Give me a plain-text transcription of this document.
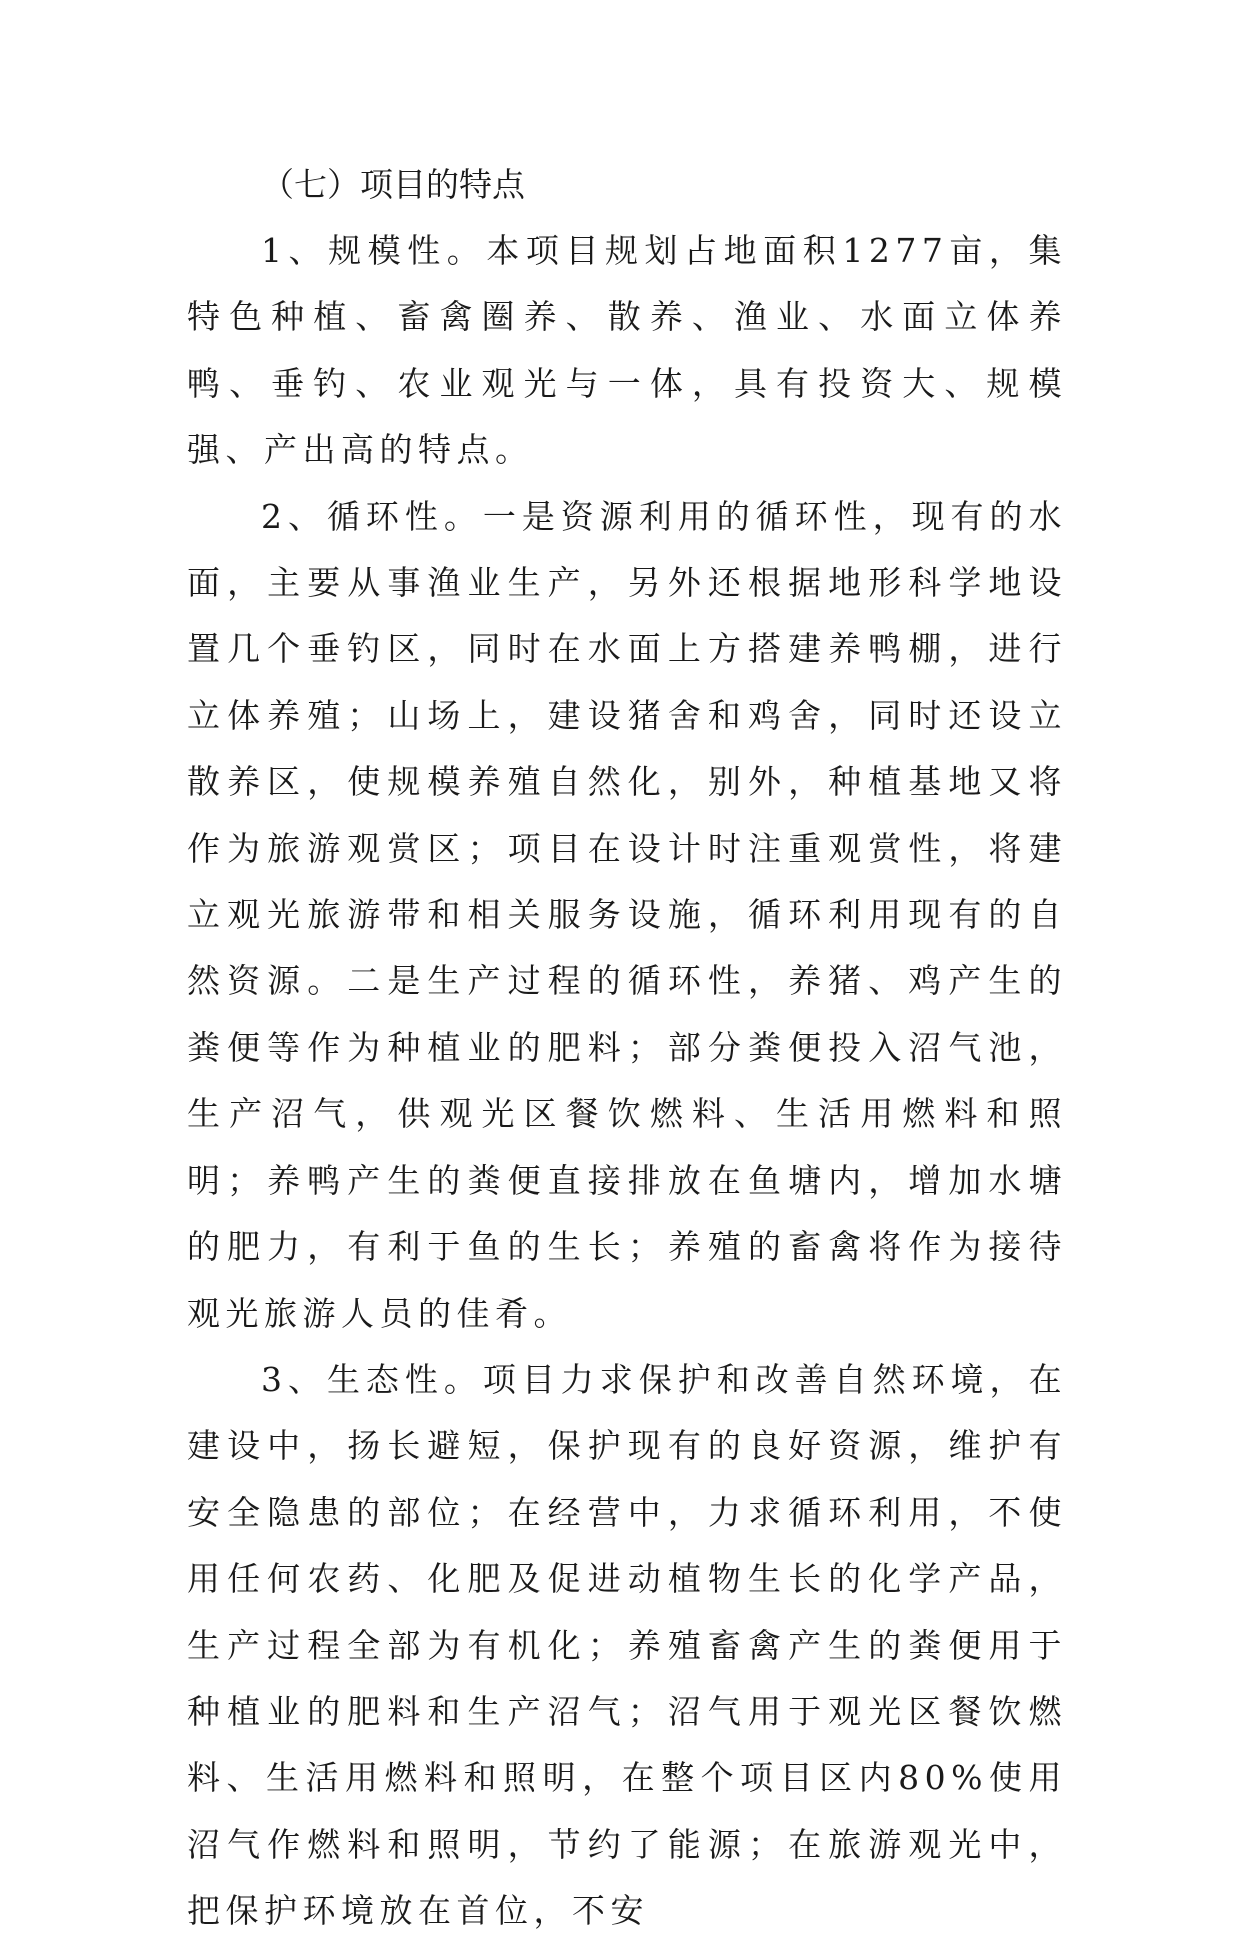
（七）项目的特点

1、规模性。本项目规划占地面积1277亩，集特色种植、畜禽圈养、散养、渔业、水面立体养鸭、垂钓、农业观光与一体，具有投资大、规模强、产出高的特点。

2、循环性。一是资源利用的循环性，现有的水面，主要从事渔业生产，另外还根据地形科学地设置几个垂钓区，同时在水面上方搭建养鸭棚，进行立体养殖；山场上，建设猪舍和鸡舍，同时还设立散养区，使规模养殖自然化，别外，种植基地又将作为旅游观赏区；项目在设计时注重观赏性，将建立观光旅游带和相关服务设施，循环利用现有的自然资源。二是生产过程的循环性，养猪、鸡产生的粪便等作为种植业的肥料；部分粪便投入沼气池，生产沼气，供观光区餐饮燃料、生活用燃料和照明；养鸭产生的粪便直接排放在鱼塘内，增加水塘的肥力，有利于鱼的生长；养殖的畜禽将作为接待观光旅游人员的佳肴。

3、生态性。项目力求保护和改善自然环境，在建设中，扬长避短，保护现有的良好资源，维护有安全隐患的部位；在经营中，力求循环利用，不使用任何农药、化肥及促进动植物生长的化学产品，生产过程全部为有机化；养殖畜禽产生的粪便用于种植业的肥料和生产沼气；沼气用于观光区餐饮燃料、生活用燃料和照明，在整个项目区内80%使用沼气作燃料和照明，节约了能源；在旅游观光中，把保护环境放在首位，不安
